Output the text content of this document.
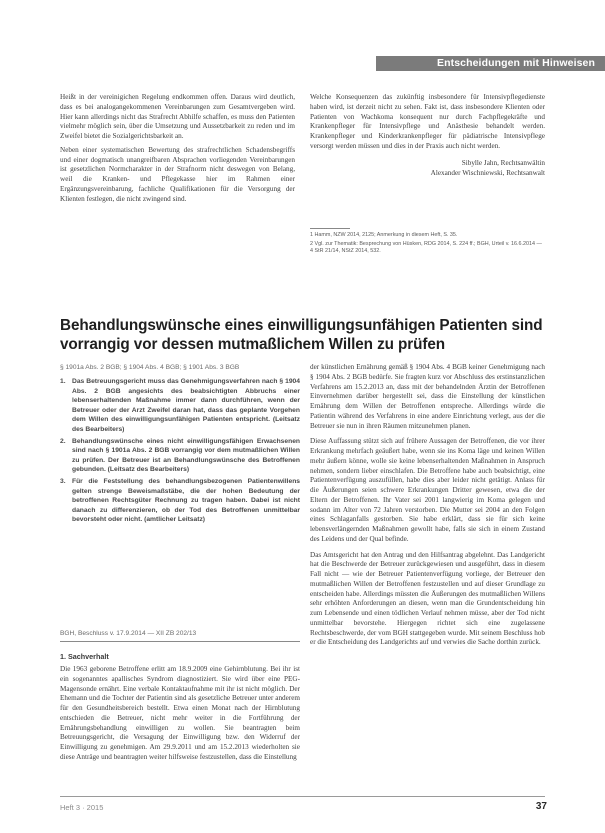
Entscheidungen mit Hinweisen

Heißt in der vereinigichen Regelung endkommen offen. Daraus wird deutlich, dass es bei analogangekommenen Vereinbarungen zum Gesamtvergeben wird. Hier kann allerdings nicht das Strafrecht Abhilfe schaffen, es muss den Patienten vielmehr möglich sein, über die Umsetzung und Aussetzbarkeit zu reden und im Zweifel bietet die Sozialgerichtsbarkeit an.

Neben einer systematischen Bewertung des strafrechtlichen Schadensbegriffs und einer dogmatisch unangreifbaren Absprachen vorliegenden Vereinbarungen ist gesetzlichen Normcharakter in der Strafnorm nicht deswegen von Belang, weil die Kranken- und Pflegekasse hier im Rahmen einer Ergänzungsvereinbarung, fachliche Qualifikationen für die Versorgung der Klienten festlegen, die nicht zwingend sind.

Welche Konsequenzen das zukünftig insbesondere für Intensivpflegedienste haben wird, ist derzeit nicht zu sehen. Fakt ist, dass insbesondere Klienten oder Patienten von Wachkoma konsequent nur durch Fachpflegekräfte und Krankenpfleger für Intensivpflege und Anästhesie behandelt werden. Krankenpfleger und Kinderkrankenpfleger für pädiatrische Intensivpflege versorgt werden müssen und dies in der Praxis auch nicht werden.

Sibylle Jahn, Rechtsanwältin
Alexander Wischniewski, Rechtsanwalt
1 Hamm, NZW 2014, 2125; Anmerkung in diesem Heft, S. 35.
2 Vgl. zur Thematik: Besprechung von Hüsken, RDG 2014, S. 224 ff.; BGH, Urteil v. 16.6.2014 — 4 StR 21/14, NStZ 2014, 532.
Behandlungswünsche eines einwilligungsunfähigen Patienten sind vorrangig vor dessen mutmaßlichem Willen zu prüfen
§ 1901a Abs. 2 BGB; § 1904 Abs. 4 BGB; § 1901 Abs. 3 BGB
1. Das Betreuungsgericht muss das Genehmigungsverfahren nach § 1904 Abs. 2 BGB angesichts des beabsichtigten Abbruchs einer lebenserhaltenden Maßnahme immer dann durchführen, wenn der Betreuer oder der Arzt Zweifel daran hat, dass das geplante Vorgehen dem Willen des einwilligungsunfähigen Patienten entspricht. (Leitsatz des Bearbeiters)
2. Behandlungswünsche eines nicht einwilligungsfähigen Erwachsenen sind nach § 1901a Abs. 2 BGB vorrangig vor dem mutmaßlichen Willen zu prüfen. Der Betreuer ist an Behandlungswünsche des Betroffenen gebunden. (Leitsatz des Bearbeiters)
3. Für die Feststellung des behandlungsbezogenen Patientenwillens gelten strenge Beweismaßstäbe, die der hohen Bedeutung der betroffenen Rechtsgüter Rechnung zu tragen haben. Dabei ist nicht danach zu differenzieren, ob der Tod des Betroffenen unmittelbar bevorsteht oder nicht. (amtlicher Leitsatz)
BGH, Beschluss v. 17.9.2014 — XII ZB 202/13
1. Sachverhalt

Die 1963 geborene Betroffene erlitt am 18.9.2009 eine Gehirnblutung. Bei ihr ist ein sogenanntes apallisches Syndrom diagnostiziert. Sie wird über eine PEG-Magensonde ernährt. Eine verbale Kontaktaufnahme mit ihr ist nicht möglich. Der Ehemann und die Tochter der Patientin sind als gesetzliche Betreuer unter anderem für den Gesundheitsbereich bestellt. Etwa einen Monat nach der Hirnblutung entschieden die Betreuer, nicht mehr weiter in die Fortführung der Ernährungsbehandlung einwilligen zu wollen. Sie beantragten beim Betreuungsgericht, die Versagung der Einwilligung bzw. den Widerruf der Einwilligung zu genehmigen. Am 29.9.2011 und am 15.2.2013 wiederholten sie diese Anträge und beantragten weiter hilfsweise festzustellen, dass die Einstellung

der künstlichen Ernährung gemäß § 1904 Abs. 4 BGB keiner Genehmigung nach § 1904 Abs. 2 BGB bedürfe. Sie fragten kurz vor Abschluss des erstinstanzlichen Verfahrens am 15.2.2013 an, dass mit der behandelnden Ärztin der Betroffenen Einvernehmen darüber hergestellt sei, dass die Einstellung der künstlichen Ernährung dem Willen der Betroffenen entspreche. Allerdings würde die Patientin während des Verfahrens in eine andere Einrichtung verlegt, aus der die Betreuer sie nun in ihren Räumen mitzunehmen planen.

Diese Auffassung stützt sich auf frühere Aussagen der Betroffenen, die vor ihrer Erkrankung mehrfach geäußert habe, wenn sie ins Koma läge und keinen Willen mehr äußern könne, wolle sie keine lebenserhaltenden Maßnahmen in Anspruch nehmen, sondern lieber einschlafen. Die Betroffene habe auch beabsichtigt, eine Patientenverfügung auszufüllen, habe dies aber leider nicht getätigt. Anlass für die Äußerungen seien schwere Erkrankungen Dritter gewesen, etwa die der Eltern der Betroffenen. Ihr Vater sei 2001 langwierig im Koma gelegen und sodann im Alter von 72 Jahren verstorben. Die Mutter sei 2004 an den Folgen eines Schlaganfalls gestorben. Sie habe erklärt, dass sie für sich keine lebensverlängernden Maßnahmen gewollt habe, falls sie sich in einem Zustand des Leidens und der Qual befinde.

Das Amtsgericht hat den Antrag und den Hilfsantrag abgelehnt. Das Landgericht hat die Beschwerde der Betreuer zurückgewiesen und ausgeführt, dass in diesem Fall nicht — wie der Betreuer Patientenverfügung vorliege, der Betreuer den mutmaßlichen Willen der Betroffenen festzustellen und auf dieser Grundlage zu entscheiden habe. Allerdings müssten die Äußerungen des mutmaßlichen Willens sehr erhöhten Anforderungen an diesen, wenn man die Grundentscheidung hin zum Lebensende und einen tödlichen Verlauf nehmen müsse, aber der Tod nicht unmittelbar bevorstehe. Hiergegen richtet sich eine zugelassene Rechtsbeschwerde, der vom BGH stattgegeben wurde. Mit seinem Beschluss hob er die Entscheidung des Landgerichts auf und verwies die Sache dorthin zurück.

Heft 3 · 2015	37
